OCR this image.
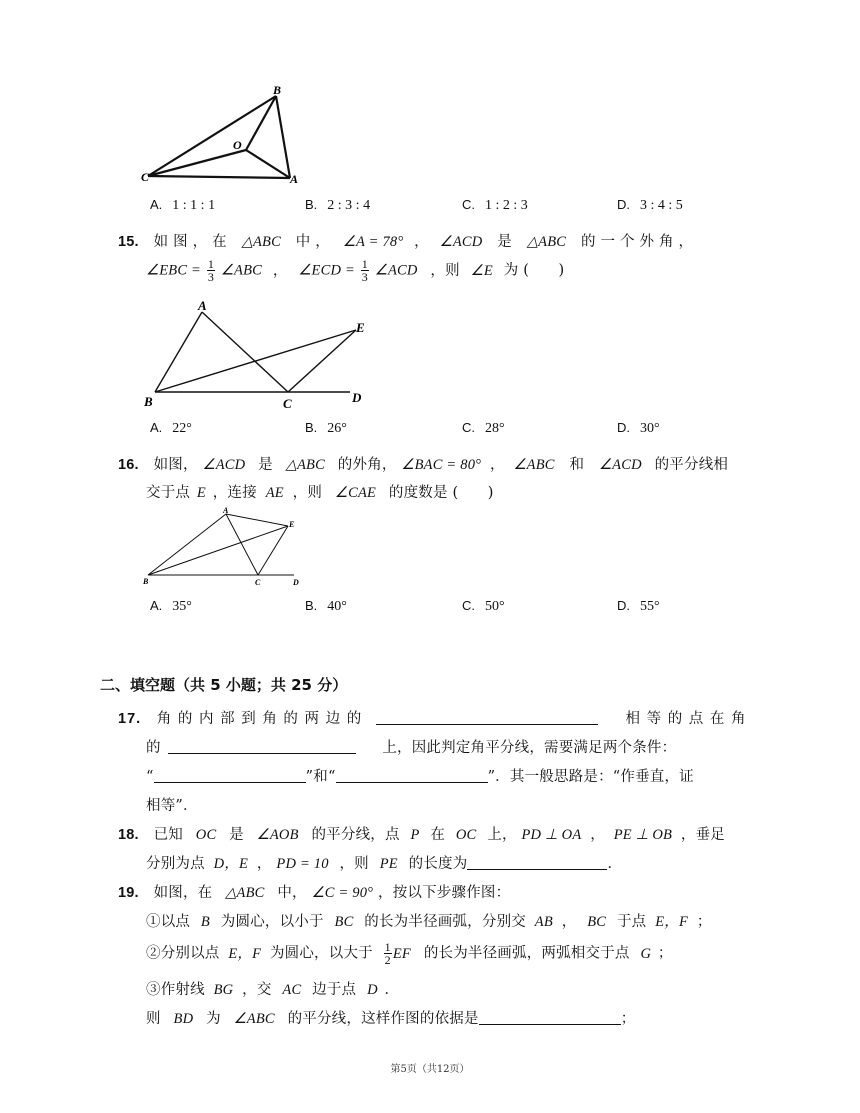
B
O
C	A
A. 1 : 1 : 1	B. 2 : 3 : 4	C. 1 : 2 : 3	D. 3 : 4 : 5
15. 如 图 ， 在 △ABC 中 ， ∠A = 78° ， ∠ACD 是 △ABC 的 一 个 外 角 ，
∠EBC = $\frac{1}{3}$ ∠ABC ， ∠ECD = $\frac{1}{3}$ ∠ACD ，则 ∠E 为 (　　)
A
E
B	C	D
A. 22°	B. 26°	C. 28°	D. 30°
16. 如图， ∠ACD 是 △ABC 的外角， ∠BAC = 80° ， ∠ABC 和 ∠ACD 的平分线相
交于点 E ，连接 AE ，则 ∠CAE 的度数是 (　　)
A
E
B	C	D
A. 35°	B. 40°	C. 50°	D. 55°
二、填空题（共 5 小题；共 25 分）
17. 角 的 内 部 到 角 的 两 边 的	相 等 的 点 在 角
的	上，因此判定角平分线，需要满足两个条件：
“	”和“	”．其一般思路是：“作垂直，证
相等”．
18. 已知 OC 是 ∠AOB 的平分线，点 P 在 OC 上， PD ⊥ OA ， PE ⊥ OB ，垂足
分别为点 D，E ， PD = 10 ，则 PE 的长度为	．
19. 如图，在 △ABC 中， ∠C = 90° ，按以下步骤作图：
①以点 B 为圆心，以小于 BC 的长为半径画弧，分别交 AB ， BC 于点 E，F ；
②分别以点 E，F 为圆心，以大于 $\frac{1}{2}$ EF 的长为半径画弧，两弧相交于点 G ；
③作射线 BG ，交 AC 边于点 D ．
则 BD 为 ∠ABC 的平分线，这样作图的依据是	；
第5页（共12页）
